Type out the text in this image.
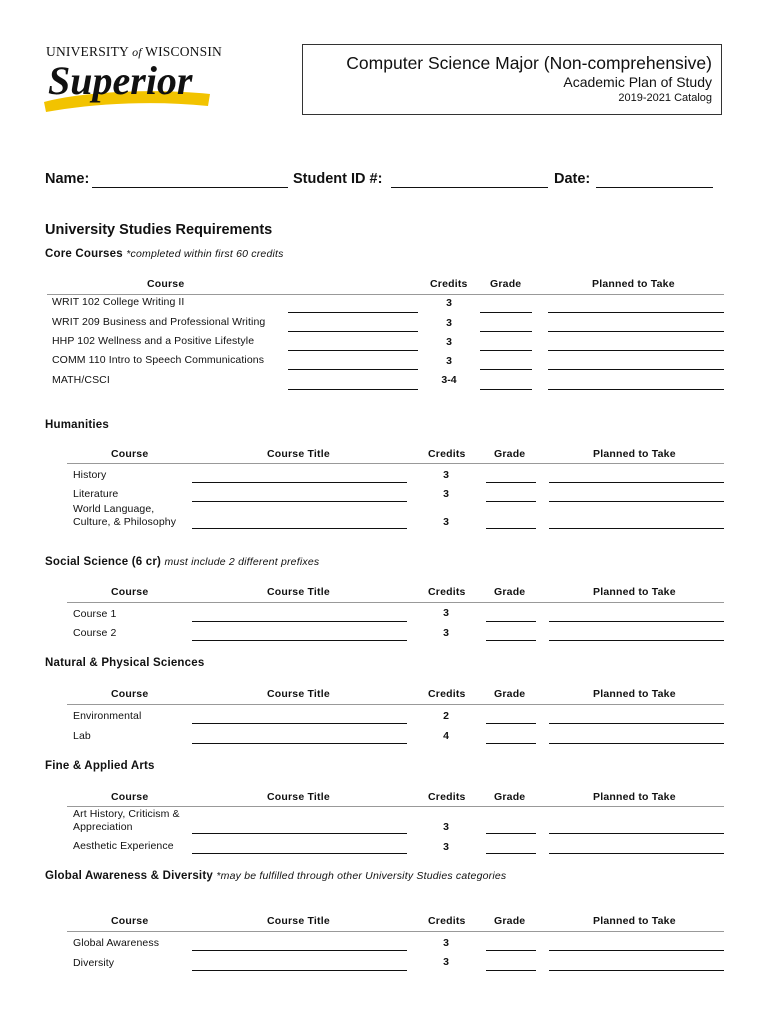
UNIVERSITY of WISCONSIN
Superior	Computer Science Major (Non-comprehensive)
Academic Plan of Study
2019-2021 Catalog
Name:	Student ID #:	Date:
University Studies Requirements
Core Courses *completed within first 60 credits
Course	Credits Grade	Planned to Take
WRIT 102 College Writing II	3
WRIT 209 Business and Professional Writing	3
HHP 102 Wellness and a Positive Lifestyle	3
COMM 110 Intro to Speech Communications	3
MATH/CSCI	3-4
Humanities
Course	Course Title	Credits	Grade	Planned to Take
History	3
Literature	3
World Language,
Culture, & Philosophy	3
Social Science (6 cr) must include 2 different prefixes
Course	Course Title	Credits	Grade	Planned to Take
Course 1	3
Course 2	3
Natural & Physical Sciences
Course	Course Title	Credits	Grade	Planned to Take
Environmental	2
Lab	4
Fine & Applied Arts
Course	Course Title	Credits	Grade	Planned to Take
Art History, Criticism &
Appreciation	3
Aesthetic Experience	3
Global Awareness & Diversity *may be fulfilled through other University Studies categories
Course	Course Title	Credits	Grade	Planned to Take
Global Awareness	3
Diversity	3
